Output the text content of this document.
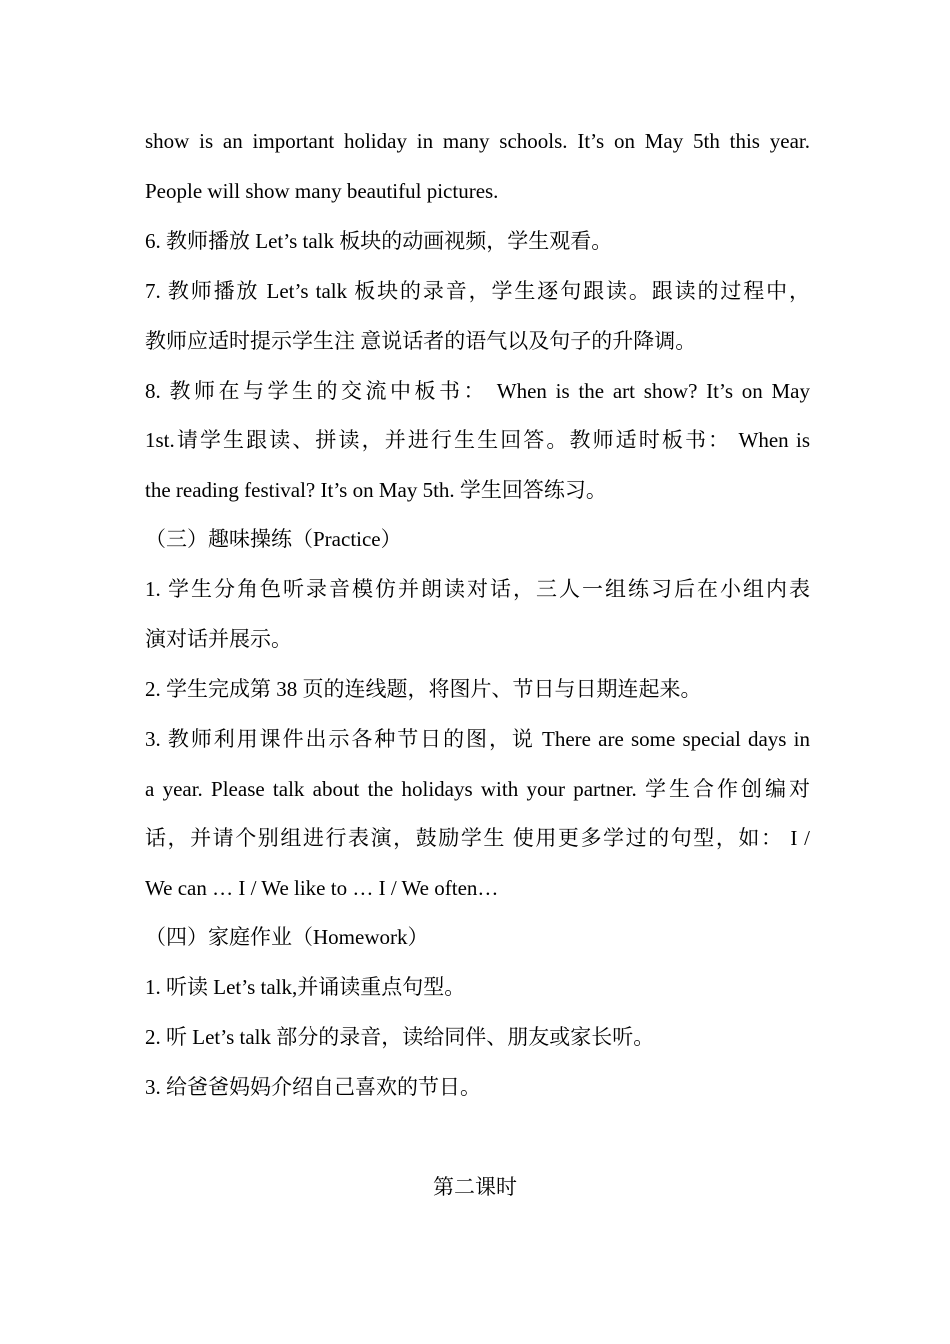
show is an important holiday in many schools. It’s on May 5th this year.
People will show many beautiful pictures.
6. 教师播放 Let’s talk 板块的动画视频，学生观看。
7. 教师播放 Let’s talk 板块的录音，学生逐句跟读。跟读的过程中，
教师应适时提示学生注 意说话者的语气以及句子的升降调。
8. 教师在与学生的交流中板书： When is the art show? It’s on May
1st.请学生跟读、拼读，并进行生生回答。教师适时板书： When is
the reading festival? It’s on May 5th. 学生回答练习。
（三）趣味操练（Practice）
1. 学生分角色听录音模仿并朗读对话，三人一组练习后在小组内表
演对话并展示。
2. 学生完成第 38 页的连线题，将图片、节日与日期连起来。
3. 教师利用课件出示各种节日的图，说 There are some special days in
a year. Please talk about the holidays with your partner. 学生合作创编对
话，并请个别组进行表演，鼓励学生 使用更多学过的句型，如： I /
We can … I / We like to … I / We often…
（四）家庭作业（Homework）
1. 听读 Let’s talk,并诵读重点句型。
2. 听 Let’s talk 部分的录音，读给同伴、朋友或家长听。
3. 给爸爸妈妈介绍自己喜欢的节日。
第二课时
